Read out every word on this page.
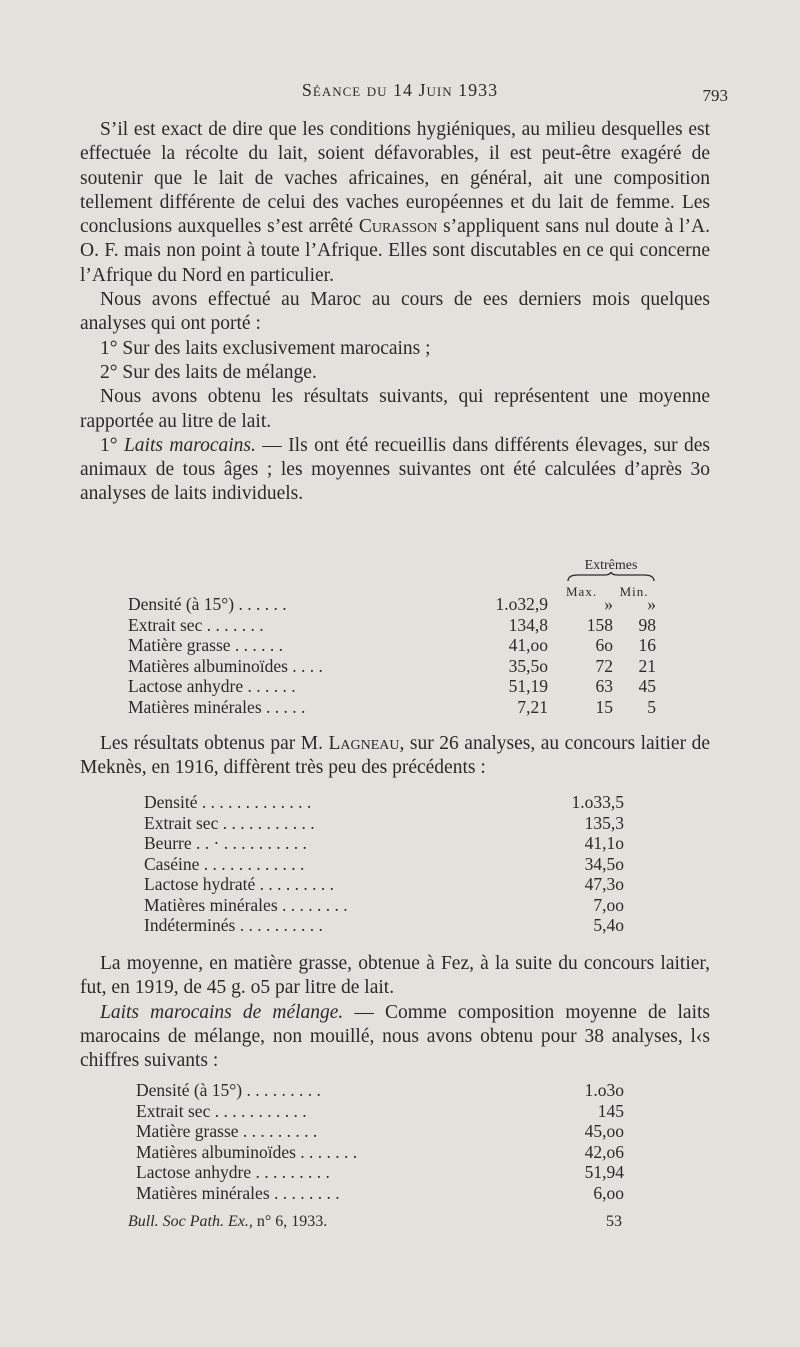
Séance du 14 Juin 1933	793

S’il est exact de dire que les conditions hygiéniques, au milieu desquelles est effectuée la récolte du lait, soient défavorables, il est peut-être exagéré de soutenir que le lait de vaches africaines, en général, ait une composition tellement différente de celui des vaches européennes et du lait de femme. Les conclusions auxquelles s’est arrêté Curasson s’appliquent sans nul doute à l’A. O. F. mais non point à toute l’Afrique. Elles sont discutables en ce qui concerne l’Afrique du Nord en particulier.

Nous avons effectué au Maroc au cours de ees derniers mois quelques analyses qui ont porté :

1° Sur des laits exclusivement marocains ;

2° Sur des laits de mélange.

Nous avons obtenu les résultats suivants, qui représentent une moyenne rapportée au litre de lait.

1° Laits marocains. — Ils ont été recueillis dans différents élevages, sur des animaux de tous âges ; les moyennes suivantes ont été calculées d’après 3o analyses de laits individuels.

Extrêmes
Max. Min.
Densité (à 15°) . . . . . .	1.o32,9	» »
Extrait sec . . . . . . .	134,8 158 98
Matière grasse . . . . . .	41,oo	6o 16
Matières albuminoïdes . . . .	35,5o	72 21
Lactose anhydre . . . . . .	51,19	63 45
Matières minérales . . . . .	7,21	15 5

Les résultats obtenus par M. Lagneau, sur 26 analyses, au concours laitier de Meknès, en 1916, diffèrent très peu des précédents :

Densité . . . . . . . . . . . . .	1.o33,5
Extrait sec . . . . . . . . . . .	135,3
Beurre . . · . . . . . . . . . .	41,1o
Caséine . . . . . . . . . . . .	34,5o
Lactose hydraté . . . . . . . . .	47,3o
Matières minérales . . . . . . . .	7,oo
Indéterminés . . . . . . . . . .	5,4o

La moyenne, en matière grasse, obtenue à Fez, à la suite du concours laitier, fut, en 1919, de 45 g. o5 par litre de lait.

Laits marocains de mélange. — Comme composition moyenne de laits marocains de mélange, non mouillé, nous avons obtenu pour 38 analyses, l‹s chiffres suivants :

Densité (à 15°) . . . . . . . . .	1.o3o
Extrait sec . . . . . . . . . . .	145
Matière grasse . . . . . . . . .	45,oo
Matières albuminoïdes . . . . . . .	42,o6
Lactose anhydre . . . . . . . . .	51,94
Matières minérales . . . . . . . .	6,oo
Bull. Soc Path. Ex., n° 6, 1933.	53
